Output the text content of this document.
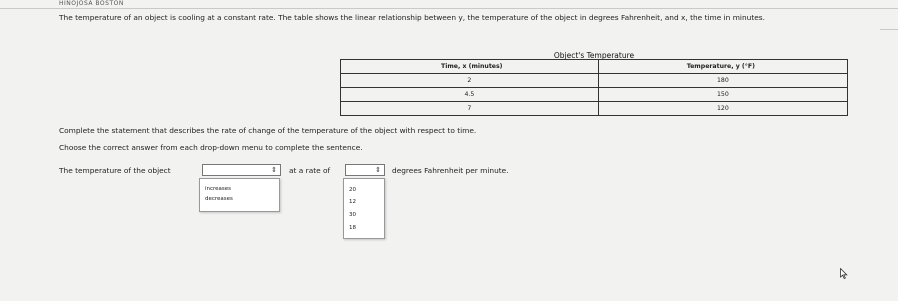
HINOJOSA BOSTON
The temperature of an object is cooling at a constant rate. The table shows the linear relationship between y, the temperature of the object in degrees Fahrenheit, and x, the time in minutes.
Object's Temperature
Time, x (minutes)	Temperature, y (°F)
2	180
4.5	150
7	120
Complete the statement that describes the rate of change of the temperature of the object with respect to time.
Choose the correct answer from each drop-down menu to complete the sentence.
The temperature of the object	⇕ at a rate of	⇕ degrees Fahrenheit per minute.
increases
decreases
20
12
30
18
